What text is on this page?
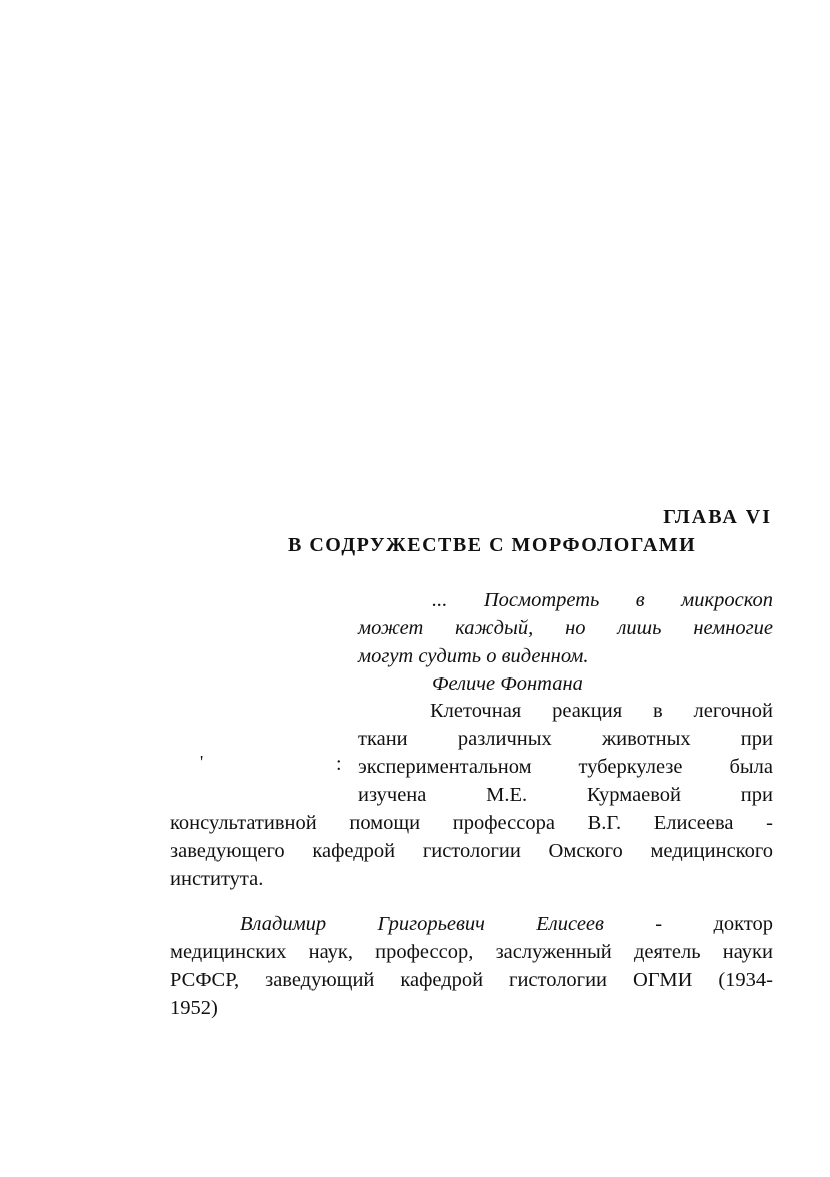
ГЛАВА VI
В СОДРУЖЕСТВЕ С МОРФОЛОГАМИ
... Посмотреть в микроскоп
может каждый, но лишь немногие
могут судить о виденном.
Феличе Фонтана
'	:
Клеточная реакция в легочной
ткани различных животных при
экспериментальном туберкулезе была
изучена М.Е. Курмаевой при
консультативной помощи профессора В.Г. Елисеева -
заведующего кафедрой гистологии Омского медицинского
института.
Владимир Григорьевич Елисеев	- доктор
медицинских наук, профессор, заслуженный деятель науки
РСФСР, заведующий кафедрой гистологии ОГМИ (1934-
1952)
